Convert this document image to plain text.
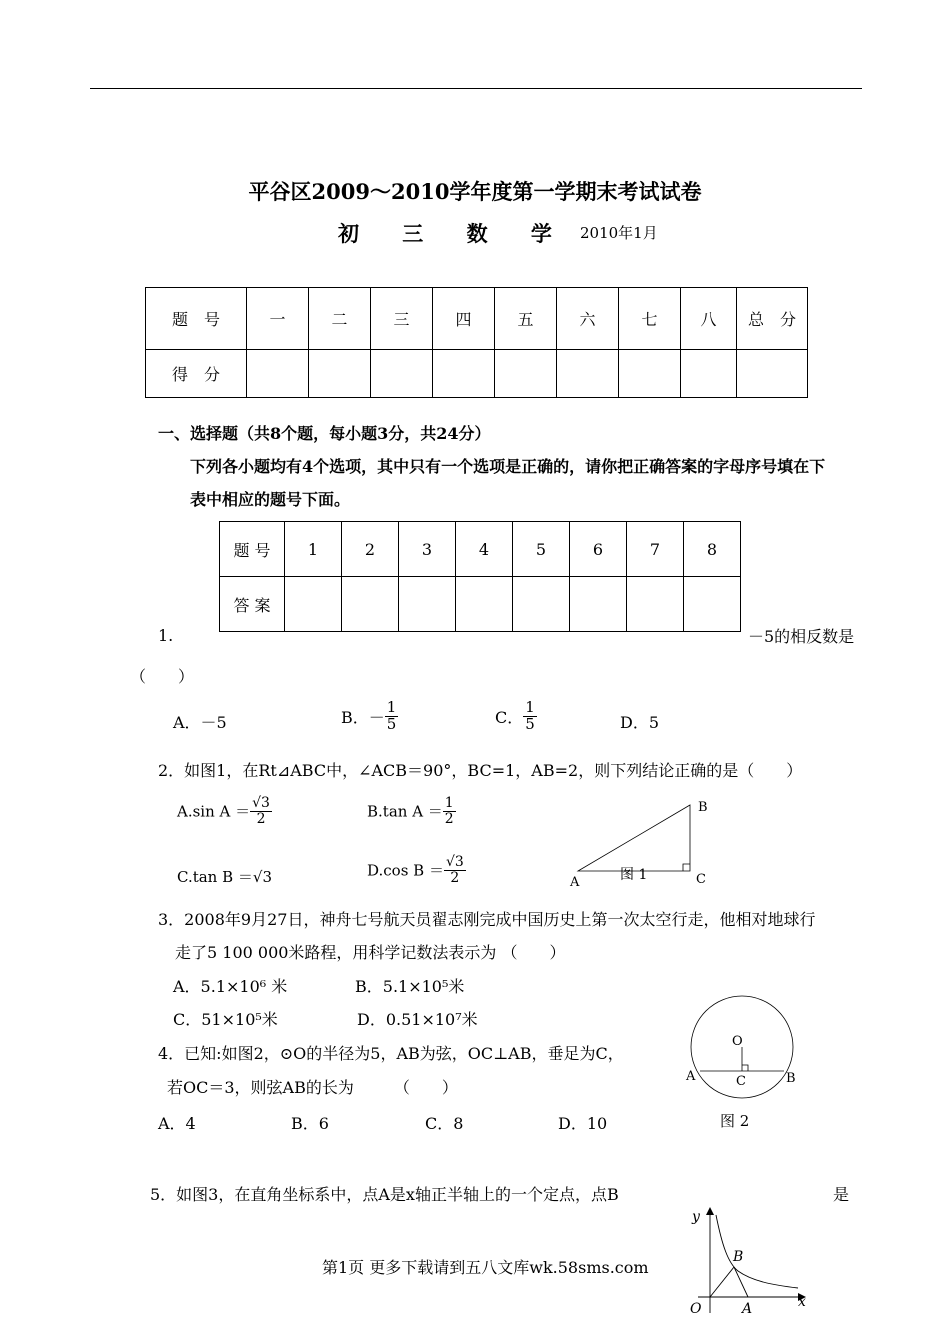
平谷区2009～2010学年度第一学期末考试试卷
初 三 数 学 2010年1月
题　号	一	二	三	四	五	六	七	八	总　分
得　分									
一、选择题（共8个题，每小题3分，共24分）
下列各小题均有4个选项，其中只有一个选项是正确的，请你把正确答案的字母序号填在下
表中相应的题号下面。
题 号	1	2	3	4	5	6	7	8
答 案								
1.	－5的相反数是
（　　）
A．－5	B．－ $\frac{1}{5}$	C． $\frac{1}{5}$	D．5
2．如图1，在Rt⊿ABC中，∠ACB＝90°，BC=1，AB=2，则下列结论正确的是（　　）
A.sin $A = \frac{√3}{2}$	B.tan $A = \frac{1}{2}$
C.tan B ＝√3	D.cos $B = \frac{√3}{2}$	A
B
C
图 1
3．2008年9月27日，神舟七号航天员翟志刚完成中国历史上第一次太空行走，他相对地球行
走了5 100 000米路程，用科学记数法表示为 （　　）
A．5.1×10⁶ 米	B．5.1×10⁵米
C．51×10⁵米	D．0.51×10⁷米
4．已知:如图2，⊙O的半径为5，AB为弦，OC⊥AB，垂足为C，
若OC＝3，则弦AB的长为　　　（　　）
A．4	B．6	C．8	D．10
O
A	B
C
图 2
5．如图3，在直角坐标系中，点A是x轴正半轴上的一个定点，点B	是
y
x
O	A
B
第1页 更多下载请到五八文库wk.58sms.com
